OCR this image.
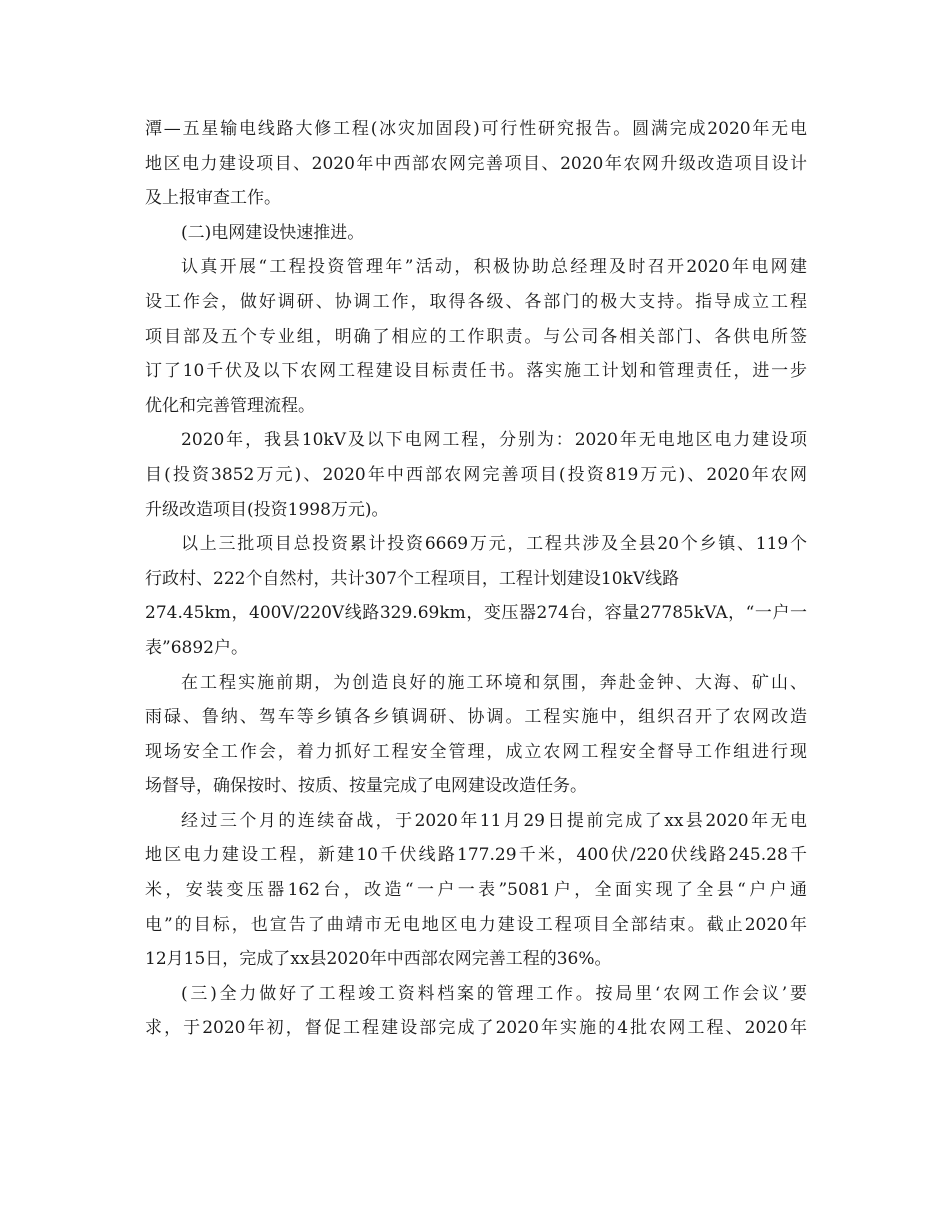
潭—五星输电线路大修工程(冰灾加固段)可行性研究报告。圆满完成2020年无电
地区电力建设项目、2020年中西部农网完善项目、2020年农网升级改造项目设计
及上报审查工作。
(二)电网建设快速推进。
认真开展“工程投资管理年”活动，积极协助总经理及时召开2020年电网建
设工作会，做好调研、协调工作，取得各级、各部门的极大支持。指导成立工程
项目部及五个专业组，明确了相应的工作职责。与公司各相关部门、各供电所签
订了10千伏及以下农网工程建设目标责任书。落实施工计划和管理责任，进一步
优化和完善管理流程。
2020年，我县10kV及以下电网工程，分别为：2020年无电地区电力建设项
目(投资3852万元)、2020年中西部农网完善项目(投资819万元)、2020年农网
升级改造项目(投资1998万元)。
以上三批项目总投资累计投资6669万元，工程共涉及全县20个乡镇、119个
行政村、222个自然村，共计307个工程项目，工程计划建设10kV线路
274.45km，400V/220V线路329.69km，变压器274台，容量27785kVA，“一户一
表”6892户。
在工程实施前期，为创造良好的施工环境和氛围，奔赴金钟、大海、矿山、
雨碌、鲁纳、驾车等乡镇各乡镇调研、协调。工程实施中，组织召开了农网改造
现场安全工作会，着力抓好工程安全管理，成立农网工程安全督导工作组进行现
场督导，确保按时、按质、按量完成了电网建设改造任务。
经过三个月的连续奋战，于2020年11月29日提前完成了xx县2020年无电
地区电力建设工程，新建10千伏线路177.29千米，400伏/220伏线路245.28千
米，安装变压器162台，改造“一户一表”5081户，全面实现了全县“户户通
电”的目标，也宣告了曲靖市无电地区电力建设工程项目全部结束。截止2020年
12月15日，完成了xx县2020年中西部农网完善工程的36%。
(三)全力做好了工程竣工资料档案的管理工作。按局里‘农网工作会议’要
求，于2020年初，督促工程建设部完成了2020年实施的4批农网工程、2020年
